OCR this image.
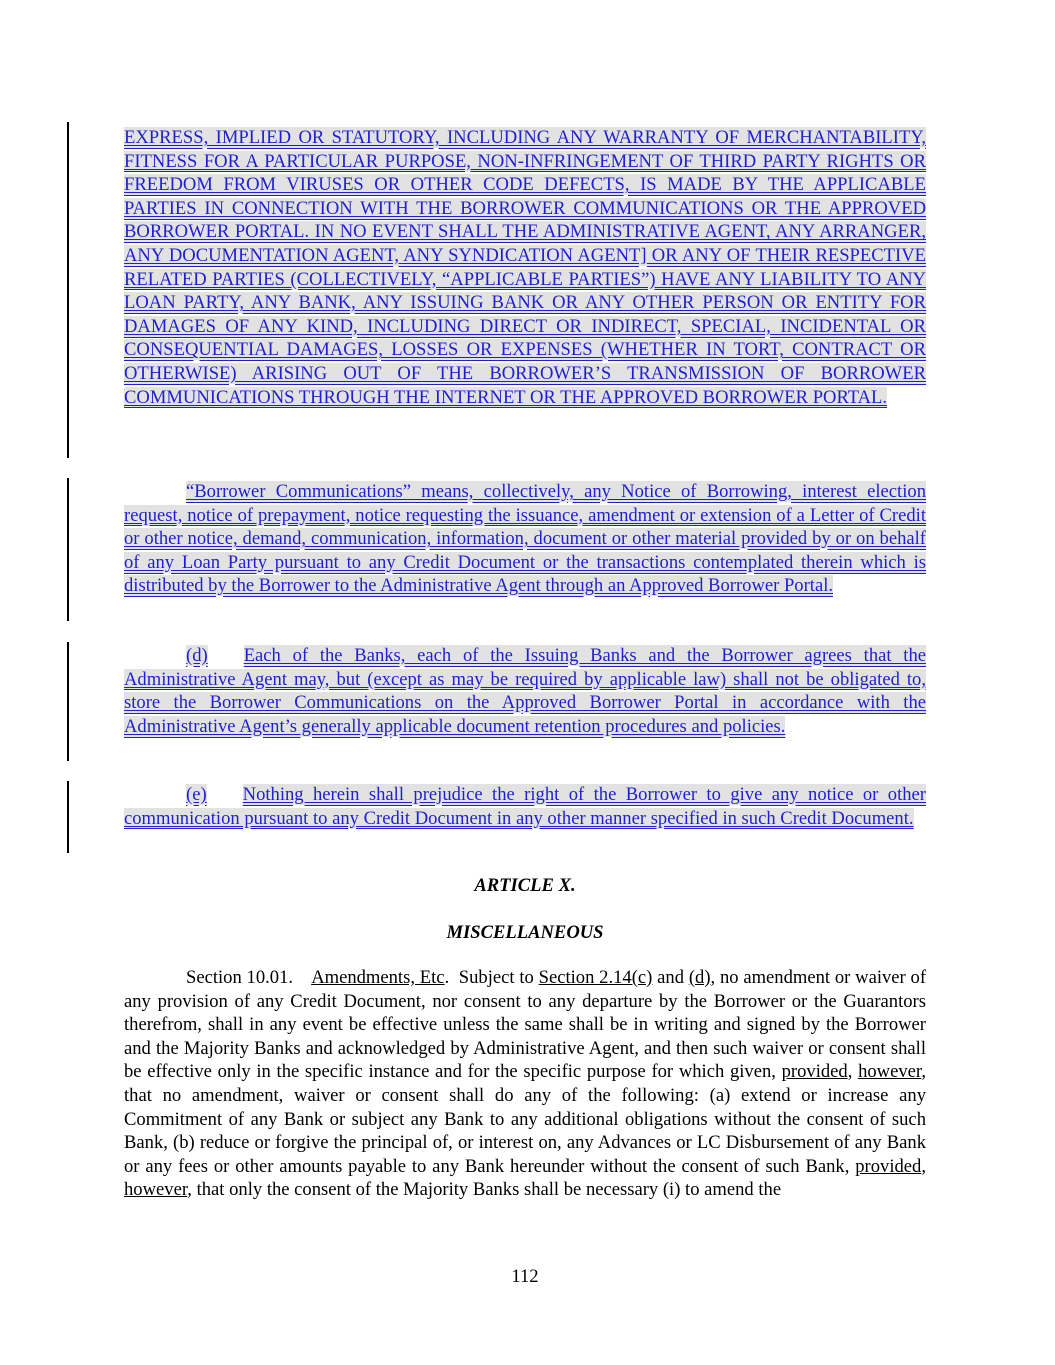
EXPRESS, IMPLIED OR STATUTORY, INCLUDING ANY WARRANTY OF MERCHANTABILITY, FITNESS FOR A PARTICULAR PURPOSE, NON-INFRINGEMENT OF THIRD PARTY RIGHTS OR FREEDOM FROM VIRUSES OR OTHER CODE DEFECTS, IS MADE BY THE APPLICABLE PARTIES IN CONNECTION WITH THE BORROWER COMMUNICATIONS OR THE APPROVED BORROWER PORTAL. IN NO EVENT SHALL THE ADMINISTRATIVE AGENT, ANY ARRANGER, ANY DOCUMENTATION AGENT, ANY SYNDICATION AGENT] OR ANY OF THEIR RESPECTIVE RELATED PARTIES (COLLECTIVELY, “APPLICABLE PARTIES”) HAVE ANY LIABILITY TO ANY LOAN PARTY, ANY BANK, ANY ISSUING BANK OR ANY OTHER PERSON OR ENTITY FOR DAMAGES OF ANY KIND, INCLUDING DIRECT OR INDIRECT, SPECIAL, INCIDENTAL OR CONSEQUENTIAL DAMAGES, LOSSES OR EXPENSES (WHETHER IN TORT, CONTRACT OR OTHERWISE) ARISING OUT OF THE BORROWER’S TRANSMISSION OF BORROWER COMMUNICATIONS THROUGH THE INTERNET OR THE APPROVED BORROWER PORTAL.
“Borrower Communications” means, collectively, any Notice of Borrowing, interest election request, notice of prepayment, notice requesting the issuance, amendment or extension of a Letter of Credit or other notice, demand, communication, information, document or other material provided by or on behalf of any Loan Party pursuant to any Credit Document or the transactions contemplated therein which is distributed by the Borrower to the Administrative Agent through an Approved Borrower Portal.
(d) Each of the Banks, each of the Issuing Banks and the Borrower agrees that the Administrative Agent may, but (except as may be required by applicable law) shall not be obligated to, store the Borrower Communications on the Approved Borrower Portal in accordance with the Administrative Agent’s generally applicable document retention procedures and policies.
(e) Nothing herein shall prejudice the right of the Borrower to give any notice or other communication pursuant to any Credit Document in any other manner specified in such Credit Document.
ARTICLE X.
MISCELLANEOUS
Section 10.01. Amendments, Etc.  Subject to Section 2.14(c) and (d), no amendment or waiver of any provision of any Credit Document, nor consent to any departure by the Borrower or the Guarantors therefrom, shall in any event be effective unless the same shall be in writing and signed by the Borrower and the Majority Banks and acknowledged by Administrative Agent, and then such waiver or consent shall be effective only in the specific instance and for the specific purpose for which given, provided, however, that no amendment, waiver or consent shall do any of the following: (a) extend or increase any Commitment of any Bank or subject any Bank to any additional obligations without the consent of such Bank, (b) reduce or forgive the principal of, or interest on, any Advances or LC Disbursement of any Bank or any fees or other amounts payable to any Bank hereunder without the consent of such Bank, provided, however, that only the consent of the Majority Banks shall be necessary (i) to amend the
112
